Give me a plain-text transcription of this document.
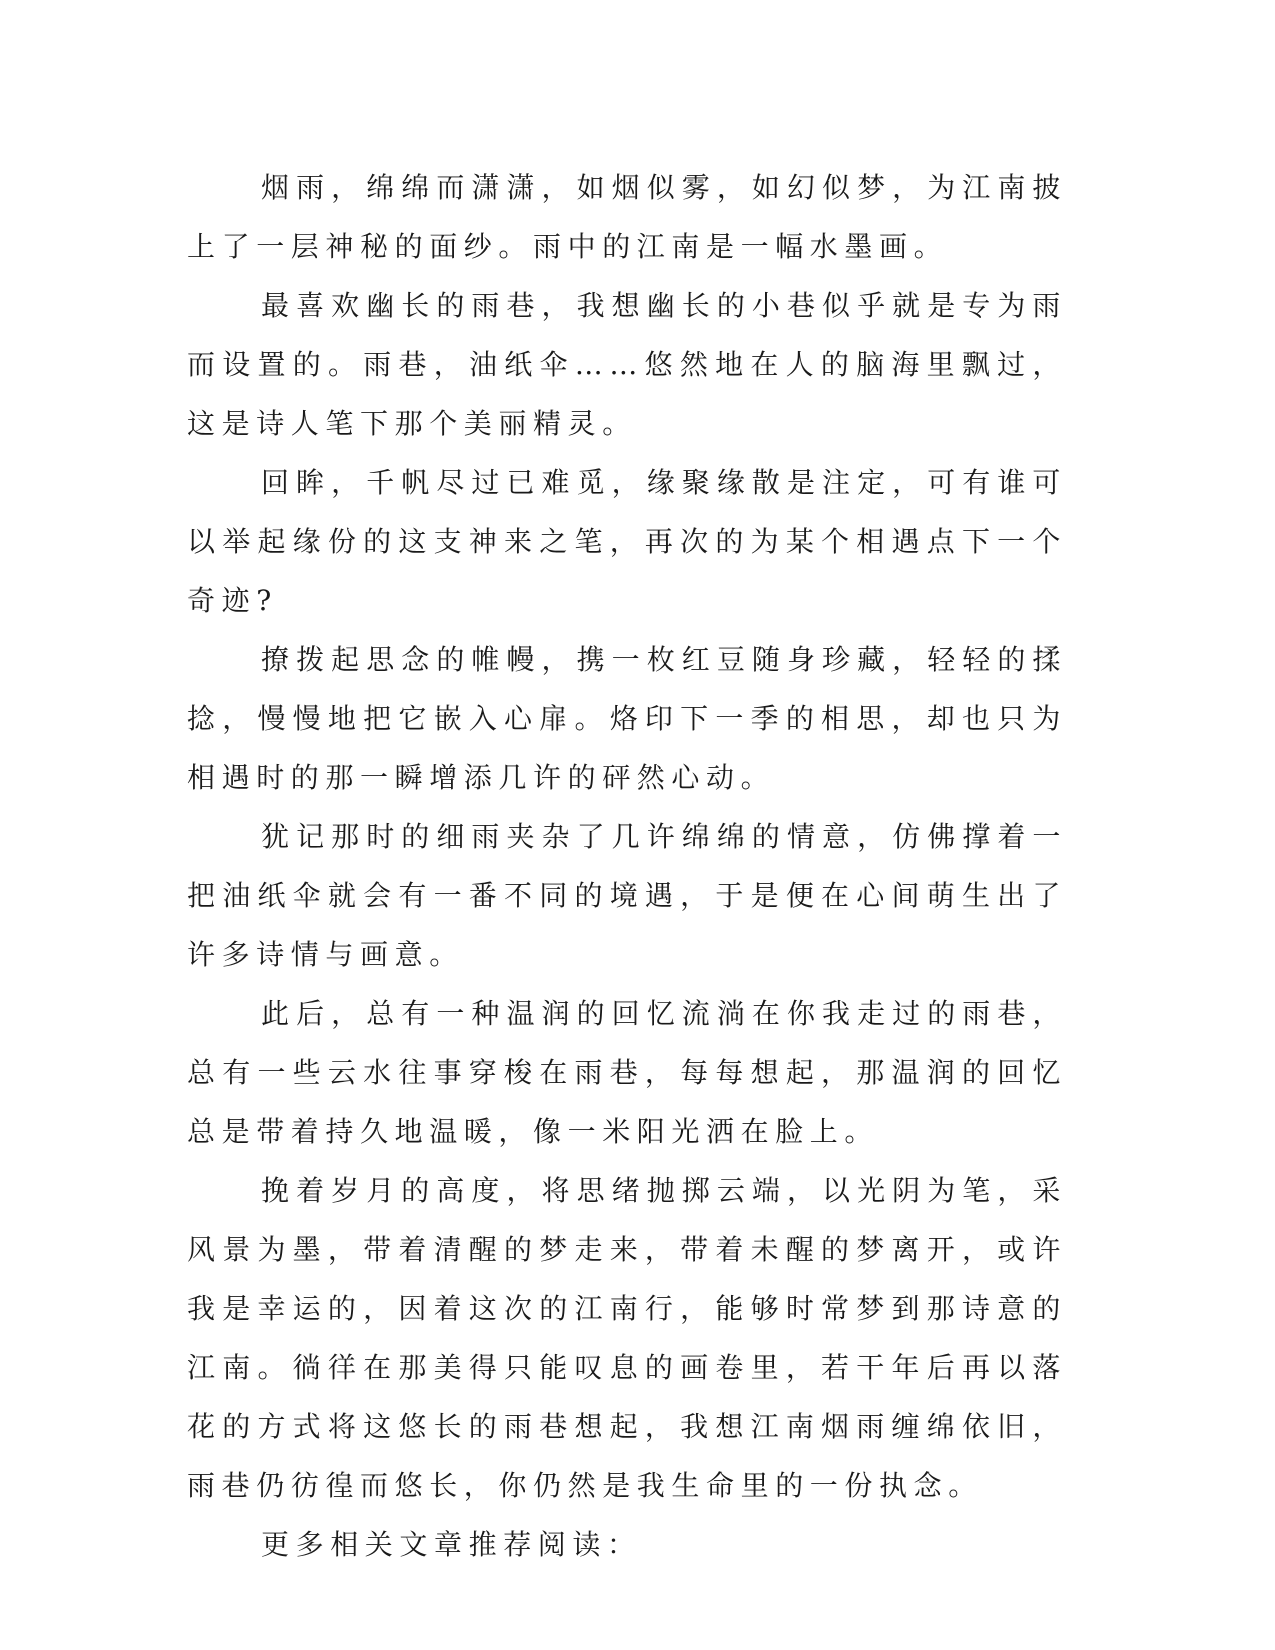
烟雨，绵绵而潇潇，如烟似雾，如幻似梦，为江南披上了一层神秘的面纱。雨中的江南是一幅水墨画。

最喜欢幽长的雨巷，我想幽长的小巷似乎就是专为雨而设置的。雨巷，油纸伞……悠然地在人的脑海里飘过，这是诗人笔下那个美丽精灵。

回眸，千帆尽过已难觅，缘聚缘散是注定，可有谁可以举起缘份的这支神来之笔，再次的为某个相遇点下一个奇迹?

撩拨起思念的帷幔，携一枚红豆随身珍藏，轻轻的揉捻，慢慢地把它嵌入心扉。烙印下一季的相思，却也只为相遇时的那一瞬增添几许的砰然心动。

犹记那时的细雨夹杂了几许绵绵的情意，仿佛撑着一把油纸伞就会有一番不同的境遇，于是便在心间萌生出了许多诗情与画意。

此后，总有一种温润的回忆流淌在你我走过的雨巷，总有一些云水往事穿梭在雨巷，每每想起，那温润的回忆总是带着持久地温暖，像一米阳光洒在脸上。

挽着岁月的高度，将思绪抛掷云端，以光阴为笔，采风景为墨，带着清醒的梦走来，带着未醒的梦离开，或许我是幸运的，因着这次的江南行，能够时常梦到那诗意的江南。徜徉在那美得只能叹息的画卷里，若干年后再以落花的方式将这悠长的雨巷想起，我想江南烟雨缠绵依旧，雨巷仍彷徨而悠长，你仍然是我生命里的一份执念。

更多相关文章推荐阅读：
